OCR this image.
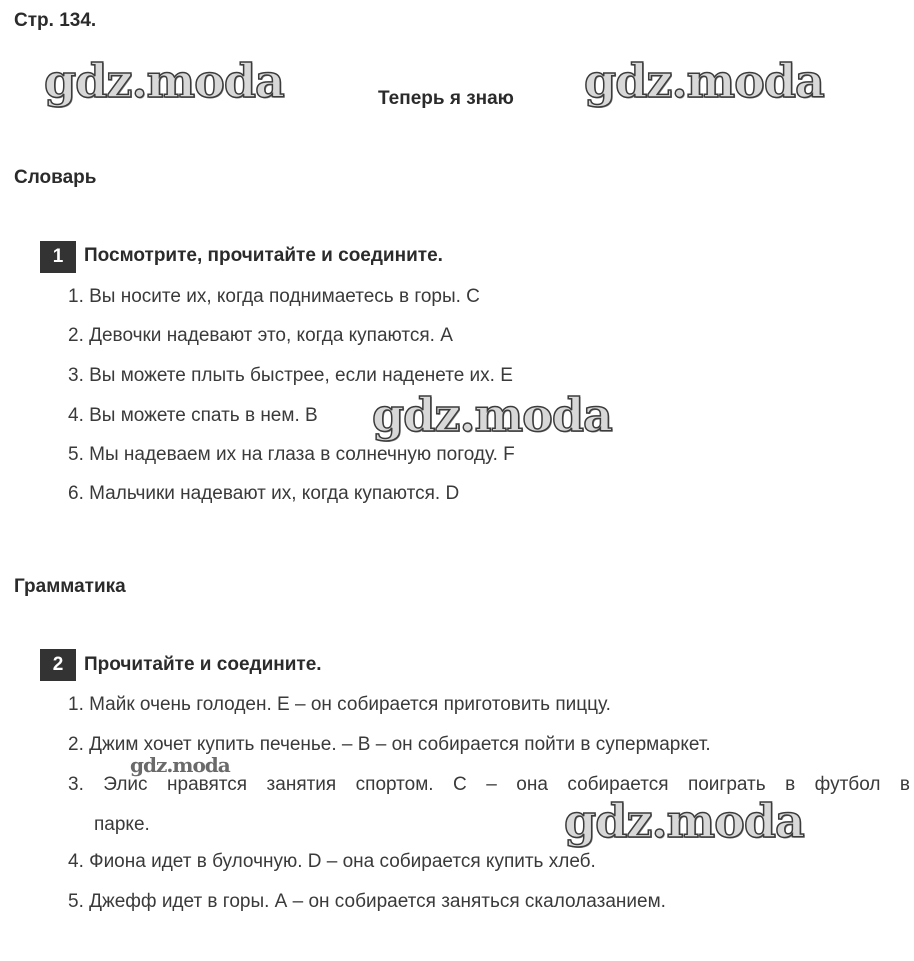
Стр. 134.
gdz.moda	Теперь я знаю gdz.moda
Словарь
1	Посмотрите, прочитайте и соедините.
1. Вы носите их, когда поднимаетесь в горы. С
2. Девочки надевают это, когда купаются. А
3. Вы можете плыть быстрее, если наденете их. Е
4. Вы можете спать в нем. В gdz.moda
5. Мы надеваем их на глаза в солнечную погоду. F
6. Мальчики надевают их, когда купаются. D
Грамматика
2	Прочитайте и соедините.
1. Майк очень голоден. Е – он собирается приготовить пиццу.
2. Джим хочет купить печенье. – В – он собирается пойти в супермаркет.
gdz.moda
3. Элис нравятся занятия спортом. С – она собирается поиграть в футбол в
парке.	gdz.moda
4. Фиона идет в булочную. D – она собирается купить хлеб.
5. Джефф идет в горы. А – он собирается заняться скалолазанием.
